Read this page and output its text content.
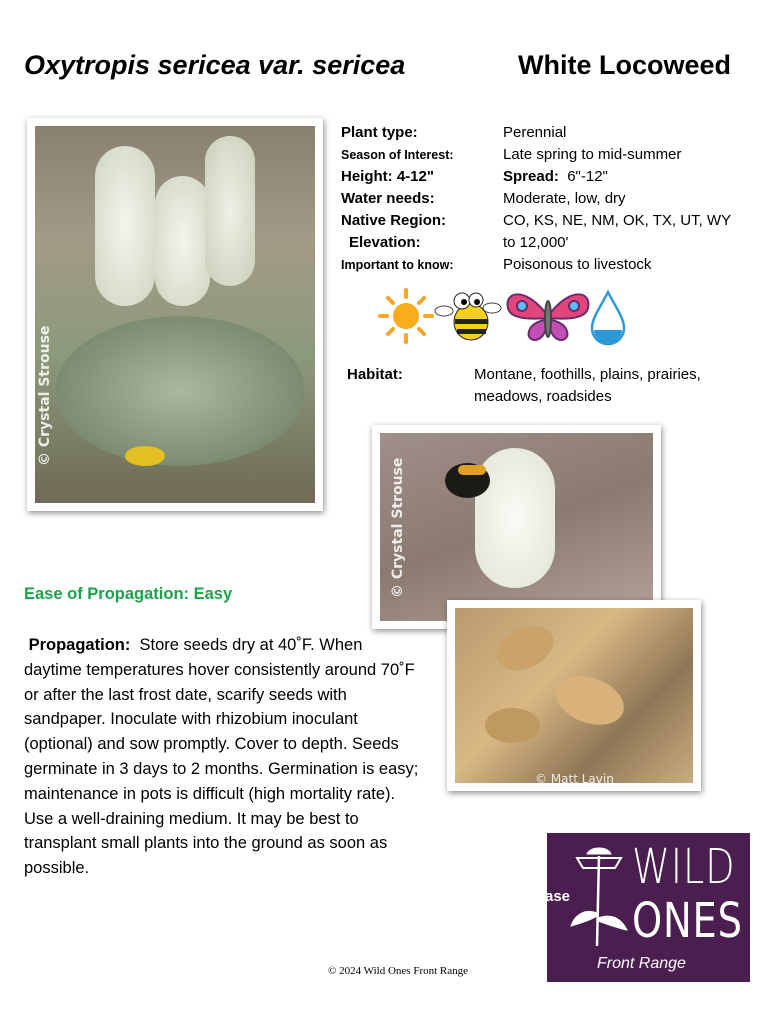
Oxytropis sericea var. sericea	White Locoweed
© Crystal Strouse
Plant type:	Perennial
Season of Interest:	Late spring to mid-summer
Height: 4-12"	Spread: 6"-12"
Water needs:	Moderate, low, dry
Native Region:	CO, KS, NE, NM, OK, TX, UT, WY
Elevation:	to 12,000'
Important to know:	Poisonous to livestock
Habitat:	Montane, foothills, plains, prairies, meadows, roadsides
© Crystal Strouse
© Matt Lavin
Ease of Propagation: Easy
Propagation: Store seeds dry at 40˚F. When daytime temperatures hover consistently around 70˚F or after the last frost date, scarify seeds with sandpaper. Inoculate with rhizobium inoculant (optional) and sow promptly. Cover to depth. Seeds germinate in 3 days to 2 months. Germination is easy; maintenance in pots is difficult (high mortality rate). Use a well-draining medium. It may be best to transplant small plants into the ground as soon as possible.
ase
WILD
ONES
Front Range
© 2024 Wild Ones Front Range
